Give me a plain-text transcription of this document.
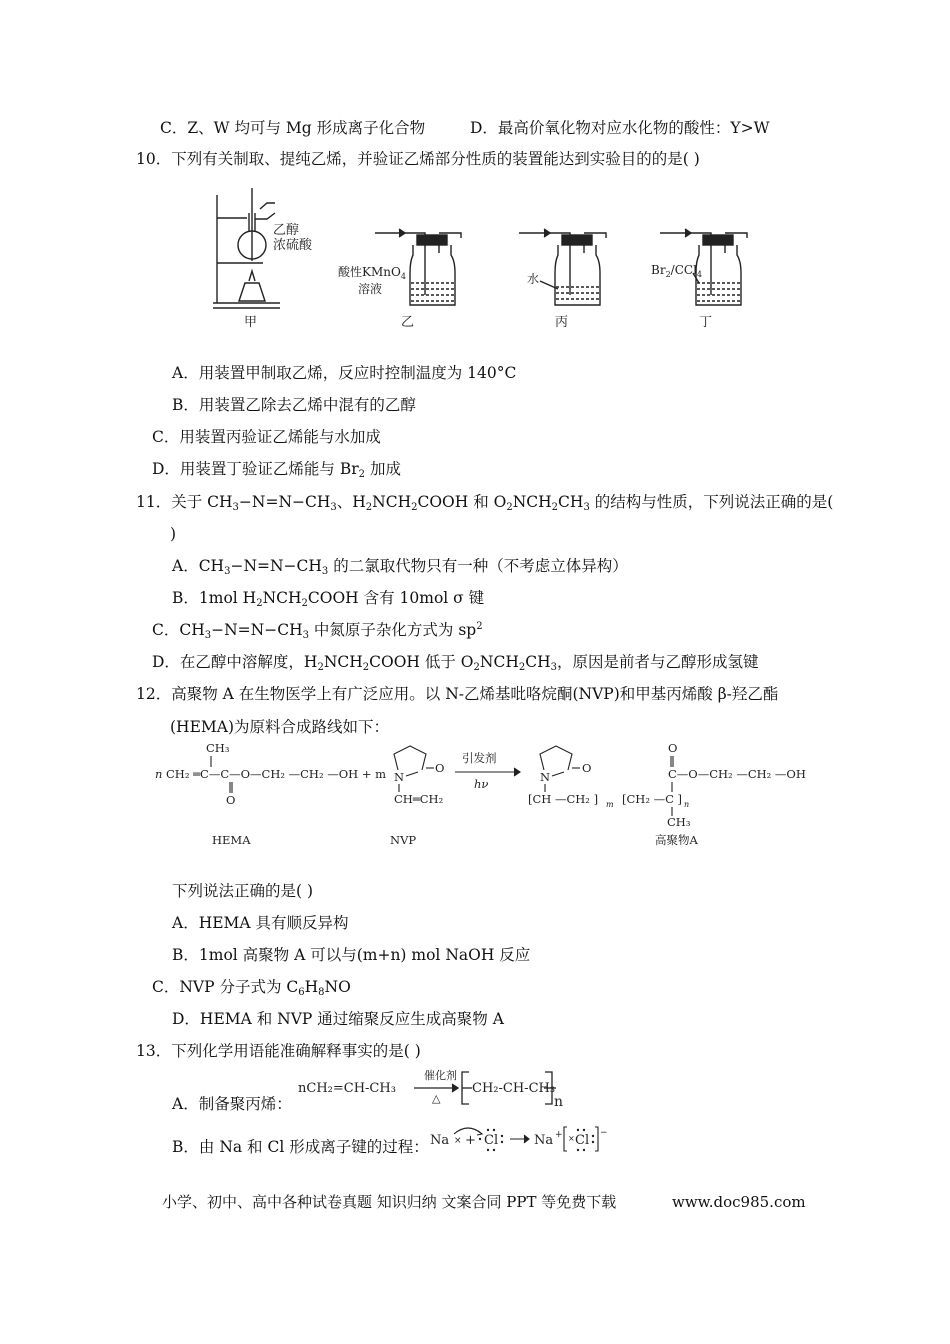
C．Z、W 均可与 Mg 形成离子化合物	D．最高价氧化物对应水化物的酸性：Y>W
10．下列有关制取、提纯乙烯，并验证乙烯部分性质的装置能达到实验目的的是( )
乙醇
浓硫酸
甲
酸性KMnO$_4$
溶液
乙
水
丙
$Br_2/CCl_4$
丁
A．用装置甲制取乙烯，反应时控制温度为 140°C
B．用装置乙除去乙烯中混有的乙醇
C．用装置丙验证乙烯能与水加成
D．用装置丁验证乙烯能与 $Br_2$ 加成
11．关于 $CH_3-N=N-CH_3$、$H_2NCH_2COOH$ 和 $O_2NCH_2CH_3$ 的结构与性质，下列说法正确的是(
)
A．$CH_3-N=N-CH_3$ 的二氯取代物只有一种（不考虑立体异构）
B．1mol $H_2NCH_2COOH$ 含有 10mol σ 键
C．$CH_3-N=N-CH_3$ 中氮原子杂化方式为 $sp^2$
D．在乙醇中溶解度，$H_2NCH_2COOH$ 低于 $O_2NCH_2CH_3$，原因是前者与乙醇形成氢键
12．高聚物 A 在生物医学上有广泛应用。以 N-乙烯基吡咯烷酮(NVP)和甲基丙烯酸 β-羟乙酯
(HEMA)为原料合成路线如下：
n CH₂ ═C—C—O—CH₂ —CH₂ —OH + m
CH₃
O
N
CH═CH₂
O
引发剂
hν	N
O
O
C—O—CH₂ —CH₂ —OH
[CH —CH₂ ] m [CH₂ —C ] n
CH₃
HEMA	NVP	高聚物A
下列说法正确的是( )
A．HEMA 具有顺反异构
B．1mol 高聚物 A 可以与(m+n) mol NaOH 反应
C．NVP 分子式为 $C_6H_8NO$
D．HEMA 和 NVP 通过缩聚反应生成高聚物 A
13．下列化学用语能准确解释事实的是( )
A．制备聚丙烯：
nCH₂=CH-CH₃
催化剂
△
CH₂-CH-CH₃
n
B．由 Na 和 Cl 形成离子键的过程： Na × + Cl	Na + Cl −
×
小学、初中、高中各种试卷真题 知识归纳 文案合同 PPT 等免费下载	www.doc985.com
